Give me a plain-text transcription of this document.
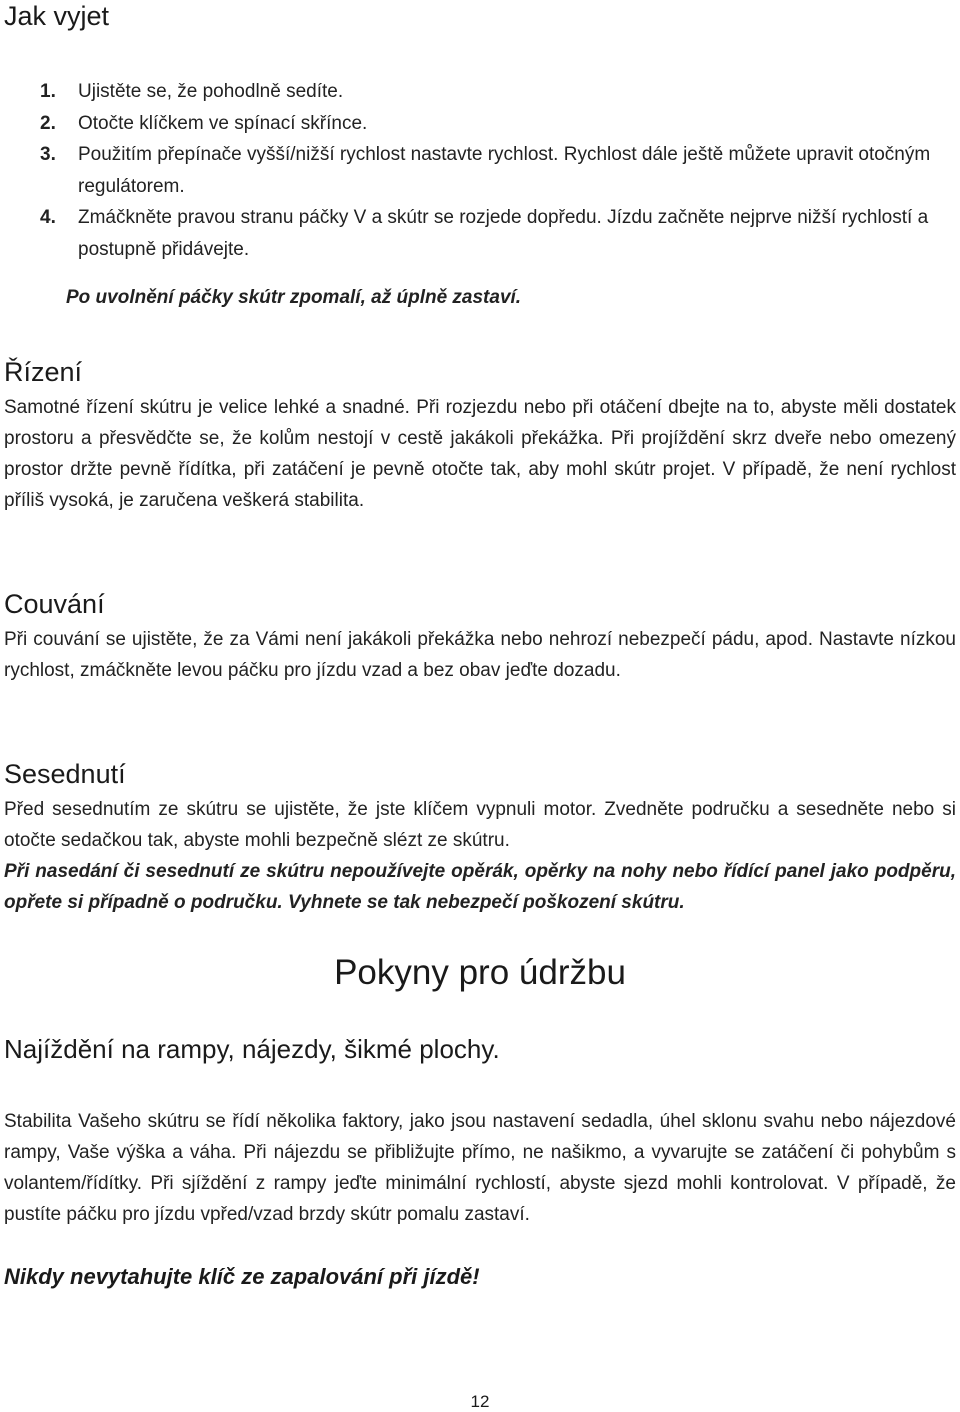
Jak vyjet
1. Ujistěte se, že pohodlně sedíte.
2. Otočte klíčkem ve spínací skřínce.
3. Použitím přepínače vyšší/nižší rychlost nastavte rychlost. Rychlost dále ještě můžete upravit otočným regulátorem.
4. Zmáčkněte pravou stranu páčky V a skútr se rozjede dopředu. Jízdu začněte nejprve nižší rychlostí a postupně přidávejte.

Po uvolnění páčky skútr zpomalí, až úplně zastaví.

Řízení

Samotné řízení skútru je velice lehké a snadné. Při rozjezdu nebo při otáčení dbejte na to, abyste měli dostatek prostoru a přesvědčte se, že kolům nestojí v cestě jakákoli překážka. Při projíždění skrz dveře nebo omezený prostor držte pevně řídítka, při zatáčení je pevně otočte tak, aby mohl skútr projet. V případě, že není rychlost příliš vysoká, je zaručena veškerá stabilita.

Couvání

Při couvání se ujistěte, že za Vámi není jakákoli překážka nebo nehrozí nebezpečí pádu, apod. Nastavte nízkou rychlost, zmáčkněte levou páčku pro jízdu vzad a bez obav jeďte dozadu.

Sesednutí

Před sesednutím ze skútru se ujistěte, že jste klíčem vypnuli motor. Zvedněte područku a sesedněte nebo si otočte sedačkou tak, abyste mohli bezpečně slézt ze skútru.

Při nasedání či sesednutí ze skútru nepoužívejte opěrák, opěrky na nohy nebo řídící panel jako podpěru, opřete si případně o područku. Vyhnete se tak nebezpečí poškození skútru.

Pokyny pro údržbu
Najíždění na rampy, nájezdy, šikmé plochy.

Stabilita Vašeho skútru se řídí několika faktory, jako jsou nastavení sedadla, úhel sklonu svahu nebo nájezdové rampy, Vaše výška a váha. Při nájezdu se přibližujte přímo, ne našikmo, a vyvarujte se zatáčení či pohybům s volantem/řídítky. Při sjíždění z rampy jeďte minimální rychlostí, abyste sjezd mohli kontrolovat. V případě, že pustíte páčku pro jízdu vpřed/vzad brzdy skútr pomalu zastaví.

Nikdy nevytahujte klíč ze zapalování při jízdě!

12
